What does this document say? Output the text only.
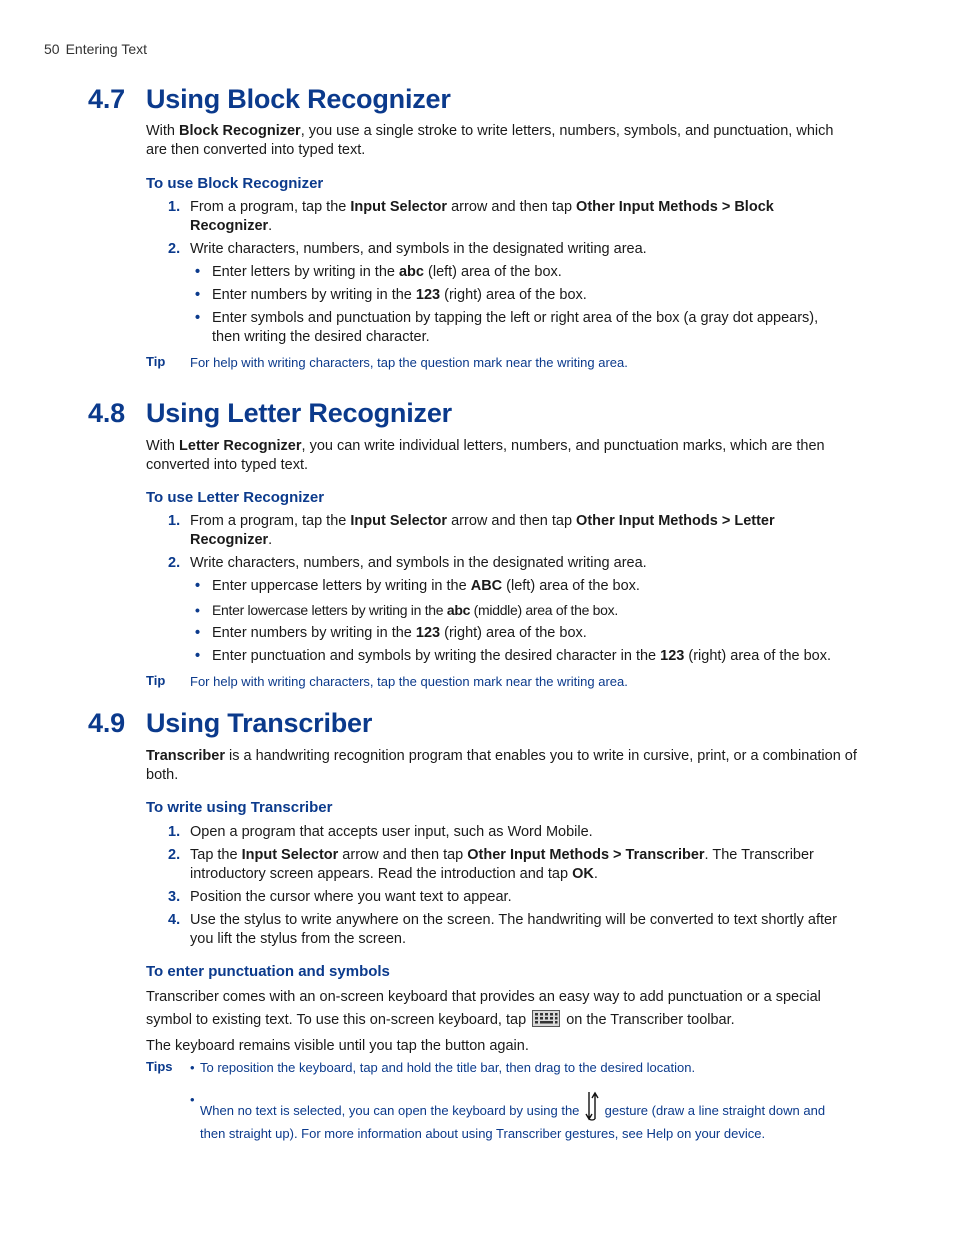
50 Entering Text
4.7 Using Block Recognizer
With Block Recognizer, you use a single stroke to write letters, numbers, symbols, and punctuation, which are then converted into typed text.
To use Block Recognizer
1. From a program, tap the Input Selector arrow and then tap Other Input Methods > Block Recognizer.
2. Write characters, numbers, and symbols in the designated writing area.
• Enter letters by writing in the abc (left) area of the box.
• Enter numbers by writing in the 123 (right) area of the box.
• Enter symbols and punctuation by tapping the left or right area of the box (a gray dot appears), then writing the desired character.
Tip For help with writing characters, tap the question mark near the writing area.
4.8 Using Letter Recognizer
With Letter Recognizer, you can write individual letters, numbers, and punctuation marks, which are then converted into typed text.
To use Letter Recognizer
1. From a program, tap the Input Selector arrow and then tap Other Input Methods > Letter Recognizer.
2. Write characters, numbers, and symbols in the designated writing area.
• Enter uppercase letters by writing in the ABC (left) area of the box.
• Enter lowercase letters by writing in the abc (middle) area of the box.
• Enter numbers by writing in the 123 (right) area of the box.
• Enter punctuation and symbols by writing the desired character in the 123 (right) area of the box.
Tip For help with writing characters, tap the question mark near the writing area.
4.9 Using Transcriber
Transcriber is a handwriting recognition program that enables you to write in cursive, print, or a combination of both.
To write using Transcriber
1. Open a program that accepts user input, such as Word Mobile.
2. Tap the Input Selector arrow and then tap Other Input Methods > Transcriber. The Transcriber introductory screen appears. Read the introduction and tap OK.
3. Position the cursor where you want text to appear.
4. Use the stylus to write anywhere on the screen. The handwriting will be converted to text shortly after you lift the stylus from the screen.
To enter punctuation and symbols
Transcriber comes with an on-screen keyboard that provides an easy way to add punctuation or a special symbol to existing text. To use this on-screen keyboard, tap  on the Transcriber toolbar.
The keyboard remains visible until you tap the button again.
Tips • To reposition the keyboard, tap and hold the title bar, then drag to the desired location.
•
When no text is selected, you can open the keyboard by using the  gesture (draw a line straight down and then straight up). For more information about using Transcriber gestures, see Help on your device.
